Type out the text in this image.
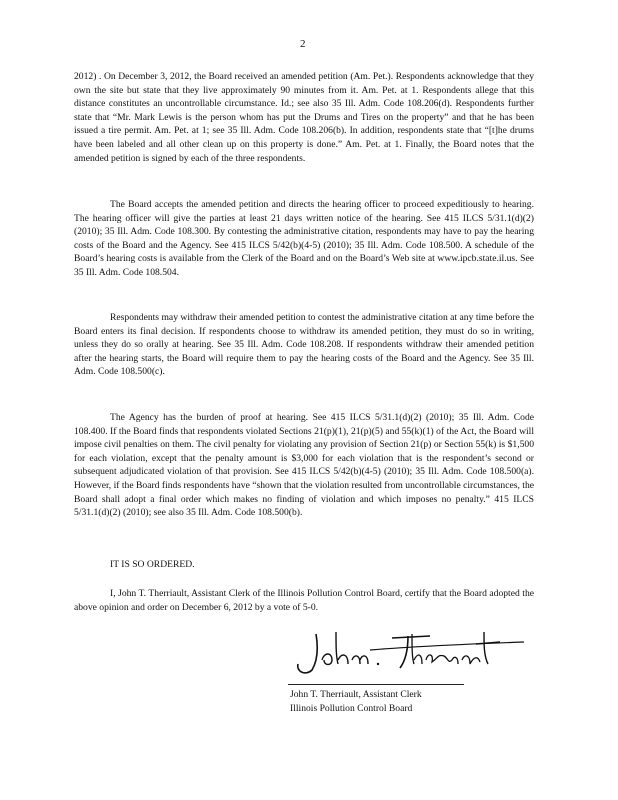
2

2012) . On December 3, 2012, the Board received an amended petition (Am. Pet.). Respondents acknowledge that they own the site but state that they live approximately 90 minutes from it. Am. Pet. at 1. Respondents allege that this distance constitutes an uncontrollable circumstance. Id.; see also 35 Ill. Adm. Code 108.206(d). Respondents further state that “Mr. Mark Lewis is the person whom has put the Drums and Tires on the property” and that he has been issued a tire permit. Am. Pet. at 1; see 35 Ill. Adm. Code 108.206(b). In addition, respondents state that “[t]he drums have been labeled and all other clean up on this property is done.” Am. Pet. at 1. Finally, the Board notes that the amended petition is signed by each of the three respondents.

The Board accepts the amended petition and directs the hearing officer to proceed expeditiously to hearing. The hearing officer will give the parties at least 21 days written notice of the hearing. See 415 ILCS 5/31.1(d)(2) (2010); 35 Ill. Adm. Code 108.300. By contesting the administrative citation, respondents may have to pay the hearing costs of the Board and the Agency. See 415 ILCS 5/42(b)(4-5) (2010); 35 Ill. Adm. Code 108.500. A schedule of the Board’s hearing costs is available from the Clerk of the Board and on the Board’s Web site at www.ipcb.state.il.us. See 35 Ill. Adm. Code 108.504.

Respondents may withdraw their amended petition to contest the administrative citation at any time before the Board enters its final decision. If respondents choose to withdraw its amended petition, they must do so in writing, unless they do so orally at hearing. See 35 Ill. Adm. Code 108.208. If respondents withdraw their amended petition after the hearing starts, the Board will require them to pay the hearing costs of the Board and the Agency. See 35 Ill. Adm. Code 108.500(c).

The Agency has the burden of proof at hearing. See 415 ILCS 5/31.1(d)(2) (2010); 35 Ill. Adm. Code 108.400. If the Board finds that respondents violated Sections 21(p)(1), 21(p)(5) and 55(k)(1) of the Act, the Board will impose civil penalties on them. The civil penalty for violating any provision of Section 21(p) or Section 55(k) is $1,500 for each violation, except that the penalty amount is $3,000 for each violation that is the respondent’s second or subsequent adjudicated violation of that provision. See 415 ILCS 5/42(b)(4-5) (2010); 35 Ill. Adm. Code 108.500(a). However, if the Board finds respondents have “shown that the violation resulted from uncontrollable circumstances, the Board shall adopt a final order which makes no finding of violation and which imposes no penalty.” 415 ILCS 5/31.1(d)(2) (2010); see also 35 Ill. Adm. Code 108.500(b).

IT IS SO ORDERED.

I, John T. Therriault, Assistant Clerk of the Illinois Pollution Control Board, certify that the Board adopted the above opinion and order on December 6, 2012 by a vote of 5-0.

John T. Therriault, Assistant Clerk
Illinois Pollution Control Board
